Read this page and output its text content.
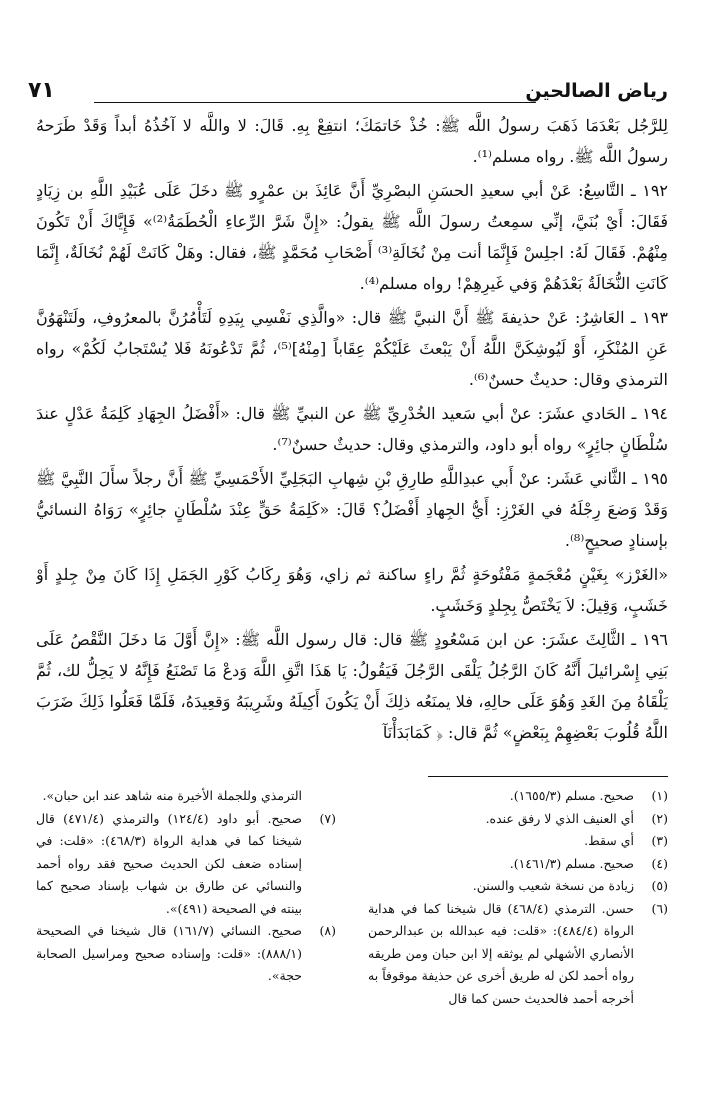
رياض الصالحين
٧١

لِلرَّجُل بَعْدَمَا ذَهَبَ رسولُ اللَّه ﷺ: خُذْ خَاتمَكَ؛ انتفِعْ بِهِ. قَالَ: لا واللَّه لا آخُذُهُ أبداً وَقَدْ طَرَحهُ رسولُ اللَّه ﷺ. رواه مسلم⁽¹⁾.

١٩٢ ـ التَّاسِعُ: عَنْ أبي سعيدِ الحسَنِ البصْرِيِّ أَنَّ عَائِذَ بن عمْرٍو ﷺ دخَلَ عَلَى عُبَيْدِ اللَّهِ بن زِيَادٍ فَقَالَ: أَيْ بُنَيَّ، إنِّي سمِعتُ رسولَ اللَّه ﷺ يقولُ: «إِنَّ شَرَّ الرِّعاءِ الْحُطَمَةُ⁽²⁾» فَإِيَّاكَ أَنْ تَكُونَ مِنْهُمْ. فَقَالَ لَهُ: اجلِسْ فَإِنَّمَا أنت مِنْ نُخَالَةِ⁽³⁾ أَصْحَابِ مُحَمَّدٍ ﷺ، فقال: وهَلْ كَانَتْ لَهُمْ نُخَالَةٌ، إِنَّمَا كَانَتِ النُّخَالَةُ بَعْدَهُمْ وَفي غَيرِهِمْ! رواه مسلم⁽⁴⁾.

١٩٣ ـ العَاشِرُ: عَنْ حذيفةَ ﷺ أَنَّ النبيَّ ﷺ قال: «والَّذِي نَفْسِي بِيَدِهِ لَتَأْمُرُنَّ بالمعرُوفِ، ولَتَنْهَوُنَّ عَنِ المُنْكَرِ، أَوْ لَيُوشِكَنَّ اللَّهُ أَنْ يَبْعثَ عَلَيْكُمْ عِقَاباً [مِنْهُ]⁽⁵⁾، ثُمَّ تَدْعُونَهُ فَلا يُسْتَجابُ لَكُمْ» رواه الترمذي وقال: حديثٌ حسنٌ⁽⁶⁾.

١٩٤ ـ الحَادي عشَرَ: عنْ أبي سَعيد الخُدْرِيِّ ﷺ عن النبيِّ ﷺ قال: «أَفْضَلُ الجِهَادِ كَلِمَةُ عَدْلٍ عندَ سُلْطَانٍ جائِرٍ» رواه أبو داود، والترمذي وقال: حديثٌ حسنٌ⁽⁷⁾.

١٩٥ ـ الثَّاني عَشَر: عنْ أَبي عبدِاللَّهِ طارِقِ بْنِ شِهابِ البَجَلِيِّ الأَحْمَسِيِّ ﷺ أَنَّ رجلاً سأَلَ النَّبِيَّ ﷺ وَقَدْ وَضعَ رِجْلَهُ في الغَرْزِ: أَيُّ الجِهادِ أَفْضَلُ؟ قَالَ: «كَلِمَةُ حَقٍّ عِنْدَ سُلْطَانٍ جائِرٍ» رَوَاهُ النسائيُّ بإسنادٍ صحيحٍ⁽⁸⁾.

«الغَرْز» بِغَيْنٍ مُعْجَمةٍ مَفْتُوحَةٍ ثُمَّ راءٍ ساكنة ثم زاي، وَهُوَ رِكَابُ كَوْرِ الجَمَلِ إِذَا كَانَ مِنْ جِلدٍ أَوْ خَشَبٍ، وَقِيلَ: لاَ يَخْتَصُّ بِجِلدٍ وَخَشَبٍ.

١٩٦ ـ الثَّالِثَ عشَرَ: عن ابن مَسْعُودٍ ﷺ قال: قال رسول اللَّه ﷺ: «إِنَّ أَوَّلَ مَا دخَلَ النَّقْصُ عَلَى بَنِي إِسْرائيلَ أَنَّهُ كَانَ الرَّجُلُ يَلْقَى الرَّجُلَ فَيَقُولُ: يَا هَذَا اتَّقِ اللَّهَ وَدعْ مَا تَصْنَعُ فَإِنَّهُ لا يَحِلُّ لك، ثُمَّ يَلْقَاهُ مِنَ الغَدِ وَهُوَ عَلَى حالِهِ، فلا يمنَعُه ذلِكَ أَنْ يَكُونَ أَكِيلَهُ وشَرِيبَهُ وَقعِيدَهُ، فَلَمَّا فَعَلُوا ذَلِكَ ضَرَبَ اللَّهُ قُلُوبَ بَعْضِهِمْ بِبَعْضٍ» ثُمَّ قال: ﴿ كَمَابَدَأْنَآ

(١)
صحيح. مسلم (١٦٥٥/٣).
(٢)
أي العنيف الذي لا رفق عنده.
(٣)
أي سقط.
(٤)
صحيح. مسلم (١٤٦١/٣).
(٥)
زيادة من نسخة شعيب والسنن.
(٦)
حسن. الترمذي (٤٦٨/٤) قال شيخنا كما في هداية الرواة (٤٨٤/٤): «قلت: فيه عبدالله بن عبدالرحمن الأنصاري الأشهلي لم يوثقه إلا ابن حبان ومن طريقه رواه أحمد لكن له طريق أخرى عن حذيفة موقوفاً به أخرجه أحمد فالحديث حسن كما قال
الترمذي وللجملة الأخيرة منه شاهد عند ابن حبان».
(٧)
صحيح. أبو داود (١٢٤/٤) والترمذي (٤٧١/٤) قال شيخنا كما في هداية الرواة (٤٦٨/٣): «قلت: في إسناده ضعف لكن الحديث صحيح فقد رواه أحمد والنسائي عن طارق بن شهاب بإسناد صحيح كما بينته في الصحيحة (٤٩١)».
(٨)
صحيح. النسائي (١٦١/٧) قال شيخنا في الصحيحة (٨٨٨/١): «قلت: وإسناده صحيح ومراسيل الصحابة حجة».
